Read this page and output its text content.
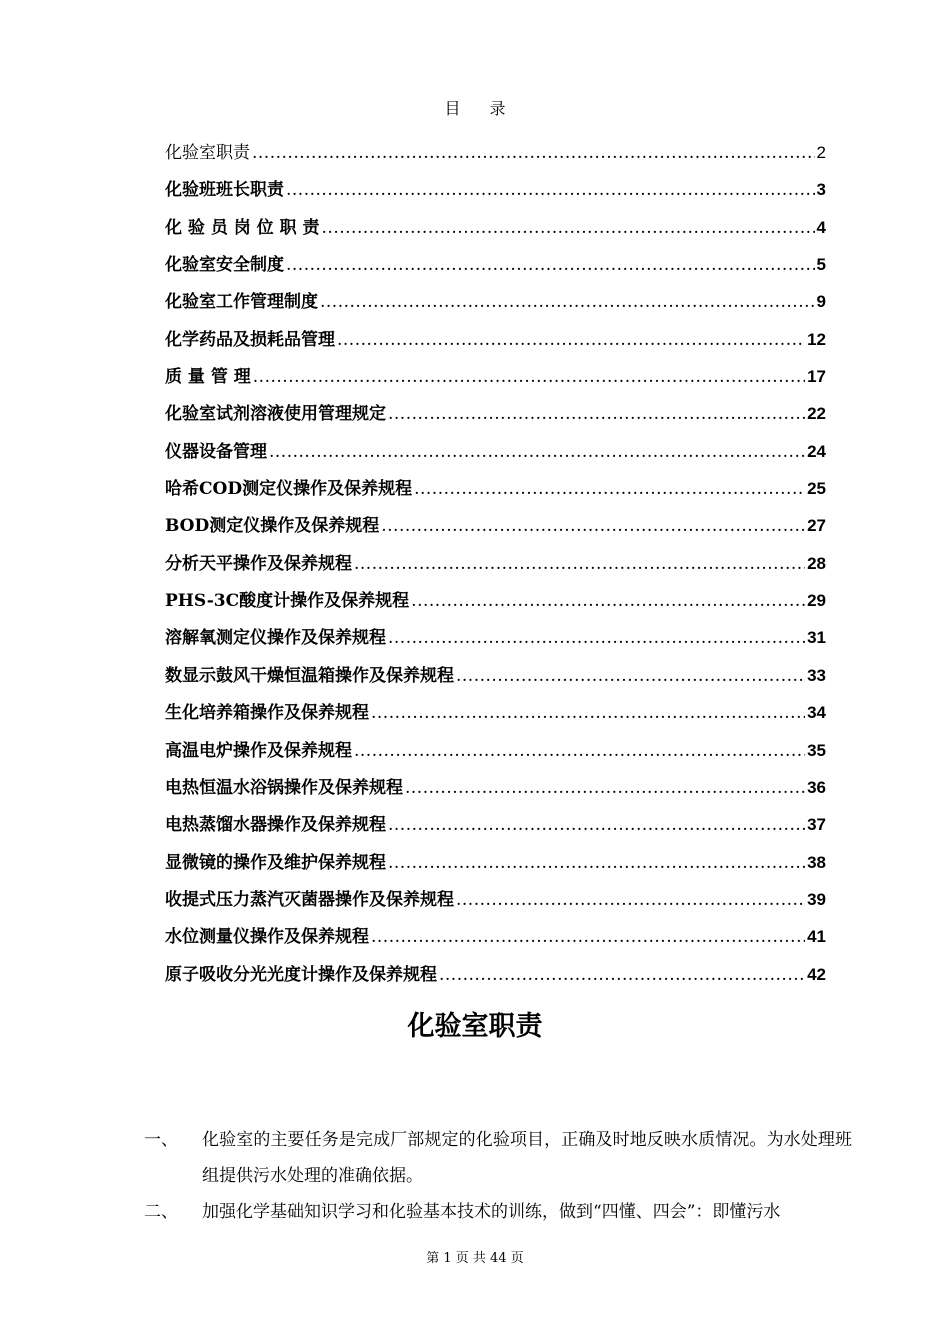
目 录
化验室职责 .....	2
化验班班长职责 .....	3
化 验 员 岗 位 职 责 .....	4
化验室安全制度 .....	5
化验室工作管理制度 .....	9
化学药品及损耗品管理 .....	12
质 量 管 理 .....	17
化验室试剂溶液使用管理规定 .....	22
仪器设备管理 .....	24
哈希COD测定仪操作及保养规程 .....	25
BOD测定仪操作及保养规程 .....	27
分析天平操作及保养规程 .....	28
PHS-3C酸度计操作及保养规程 .....	29
溶解氧测定仪操作及保养规程 .....	31
数显示鼓风干燥恒温箱操作及保养规程 .....	33
生化培养箱操作及保养规程 .....	34
高温电炉操作及保养规程 .....	35
电热恒温水浴锅操作及保养规程 .....	36
电热蒸馏水器操作及保养规程 .....	37
显微镜的操作及维护保养规程 .....	38
收提式压力蒸汽灭菌器操作及保养规程 .....	39
水位测量仪操作及保养规程 .....	41
原子吸收分光光度计操作及保养规程 .....	42
化验室职责
一、 化验室的主要任务是完成厂部规定的化验项目，正确及时地反映水质情况。为水处理班组提供污水处理的准确依据。
二、 加强化学基础知识学习和化验基本技术的训练，做到“四懂、四会”：即懂污水
第 1 页 共 44 页
